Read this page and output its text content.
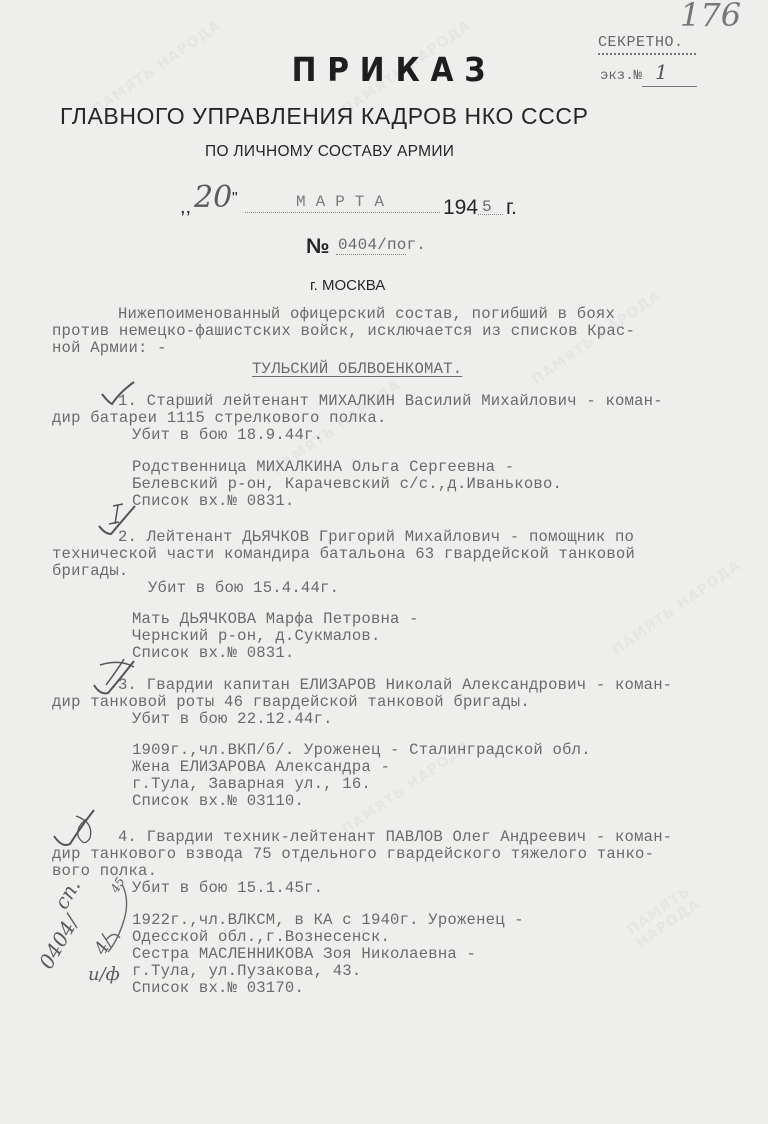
176
СЕКРЕТНО.
экз.№ 1
ПРИКАЗ
ГЛАВНОГО УПРАВЛЕНИЯ КАДРОВ НКО СССР
ПО ЛИЧНОМУ СОСТАВУ АРМИИ
,, 20 "	М А Р Т А	194 5 г.
№ 0404/пог.
г. МОСКВА
Нижепоименованный офицерский состав, погибший в боях
против немецко-фашистских войск, исключается из списков Крас-
ной Армии: -
ТУЛЬСКИЙ ОБЛВОЕНКОМАТ.
1. Старший лейтенант МИХАЛКИН Василий Михайлович - коман-
дир батареи 1115 стрелкового полка.
Убит в бою 18.9.44г.
Родственница МИХАЛКИНА Ольга Сергеевна -
Белевский р-он, Карачевский с/с.,д.Иваньково.
Список вх.№ 0831.
2. Лейтенант ДЬЯЧКОВ Григорий Михайлович - помощник по
технической части командира батальона 63 гвардейской танковой
бригады.
Убит в бою 15.4.44г.
Мать ДЬЯЧКОВА Марфа Петровна -
Чернский р-он, д.Сукмалов.
Список вх.№ 0831.
3. Гвардии капитан ЕЛИЗАРОВ Николай Александрович - коман-
дир танковой роты 46 гвардейской танковой бригады.
Убит в бою 22.12.44г.
1909г.,чл.ВКП/б/. Уроженец - Сталинградской обл.
Жена ЕЛИЗАРОВА Александра -
г.Тула, Заварная ул., 16.
Список вх.№ 03110.
4. Гвардии техник-лейтенант ПАВЛОВ Олег Андреевич - коман-
дир танкового взвода 75 отдельного гвардейского тяжелого танко-
вого полка.
Убит в бою 15.1.45г.
1922г.,чл.ВЛКСМ, в КА с 1940г. Уроженец -
Одесской обл.,г.Вознесенск.
Сестра МАСЛЕННИКОВА Зоя Николаевна -
г.Тула, ул.Пузакова, 43.
Список вх.№ 03170.
сп.
0404/ 4/
45
и/ф
